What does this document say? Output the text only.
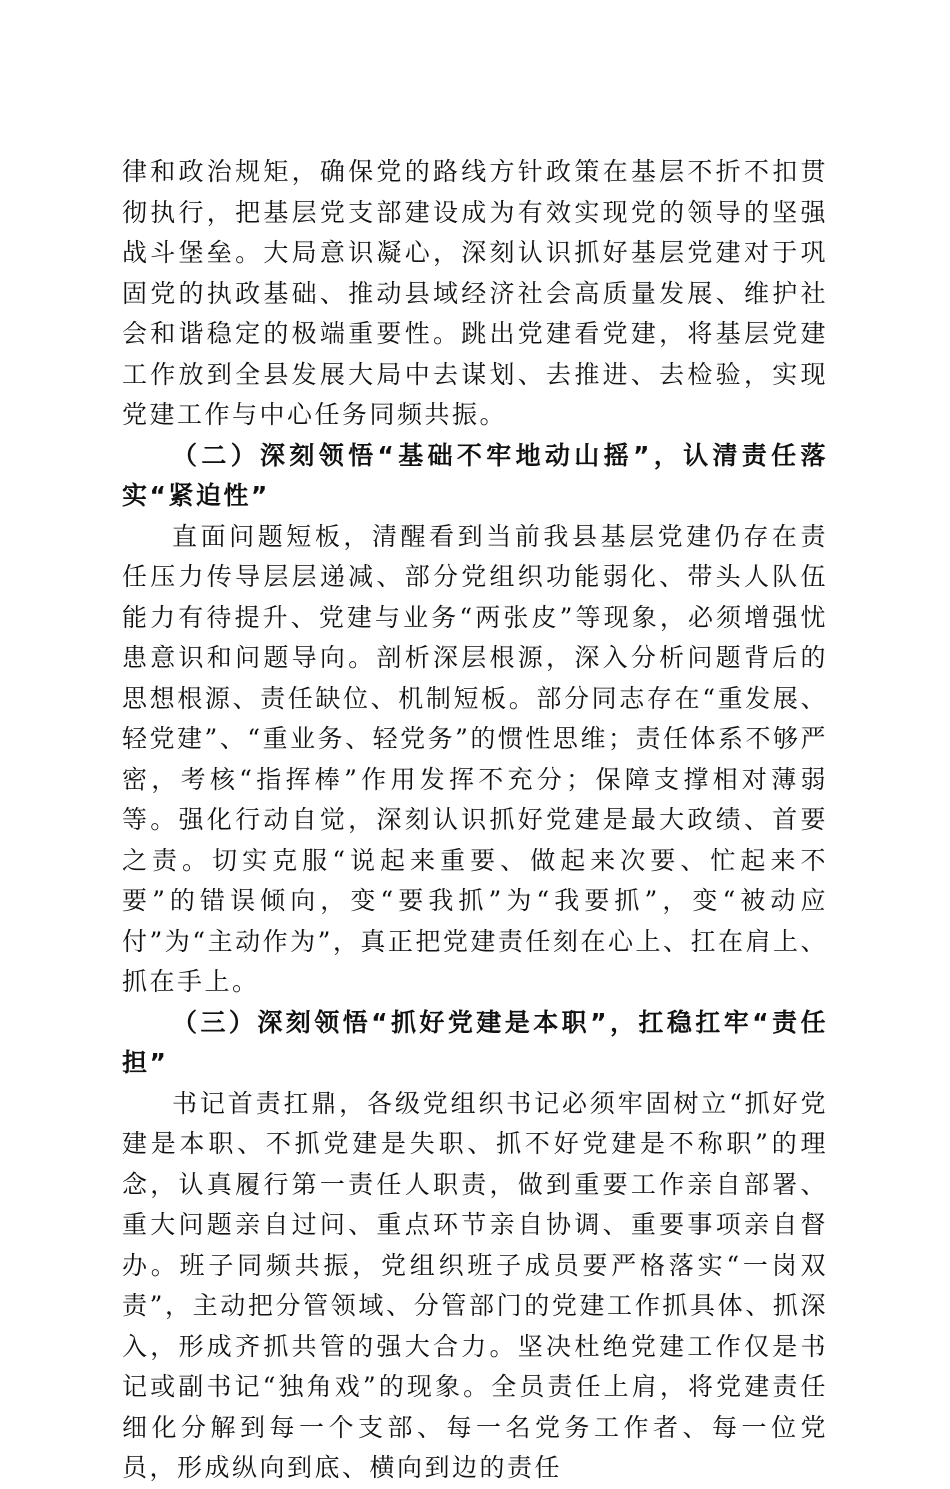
律和政治规矩，确保党的路线方针政策在基层不折不扣贯彻执行，把基层党支部建设成为有效实现党的领导的坚强战斗堡垒。大局意识凝心，深刻认识抓好基层党建对于巩固党的执政基础、推动县域经济社会高质量发展、维护社会和谐稳定的极端重要性。跳出党建看党建，将基层党建工作放到全县发展大局中去谋划、去推进、去检验，实现党建工作与中心任务同频共振。

（二）深刻领悟“基础不牢地动山摇”，认清责任落实“紧迫性”

直面问题短板，清醒看到当前我县基层党建仍存在责任压力传导层层递减、部分党组织功能弱化、带头人队伍能力有待提升、党建与业务“两张皮”等现象，必须增强忧患意识和问题导向。剖析深层根源，深入分析问题背后的思想根源、责任缺位、机制短板。部分同志存在“重发展、轻党建”、“重业务、轻党务”的惯性思维；责任体系不够严密，考核“指挥棒”作用发挥不充分；保障支撑相对薄弱等。强化行动自觉，深刻认识抓好党建是最大政绩、首要之责。切实克服“说起来重要、做起来次要、忙起来不要”的错误倾向，变“要我抓”为“我要抓”，变“被动应付”为“主动作为”，真正把党建责任刻在心上、扛在肩上、抓在手上。

（三）深刻领悟“抓好党建是本职”，扛稳扛牢“责任担”

书记首责扛鼎，各级党组织书记必须牢固树立“抓好党建是本职、不抓党建是失职、抓不好党建是不称职”的理念，认真履行第一责任人职责，做到重要工作亲自部署、重大问题亲自过问、重点环节亲自协调、重要事项亲自督办。班子同频共振，党组织班子成员要严格落实“一岗双责”，主动把分管领域、分管部门的党建工作抓具体、抓深入，形成齐抓共管的强大合力。坚决杜绝党建工作仅是书记或副书记“独角戏”的现象。全员责任上肩，将党建责任细化分解到每一个支部、每一名党务工作者、每一位党员，形成纵向到底、横向到边的责任
